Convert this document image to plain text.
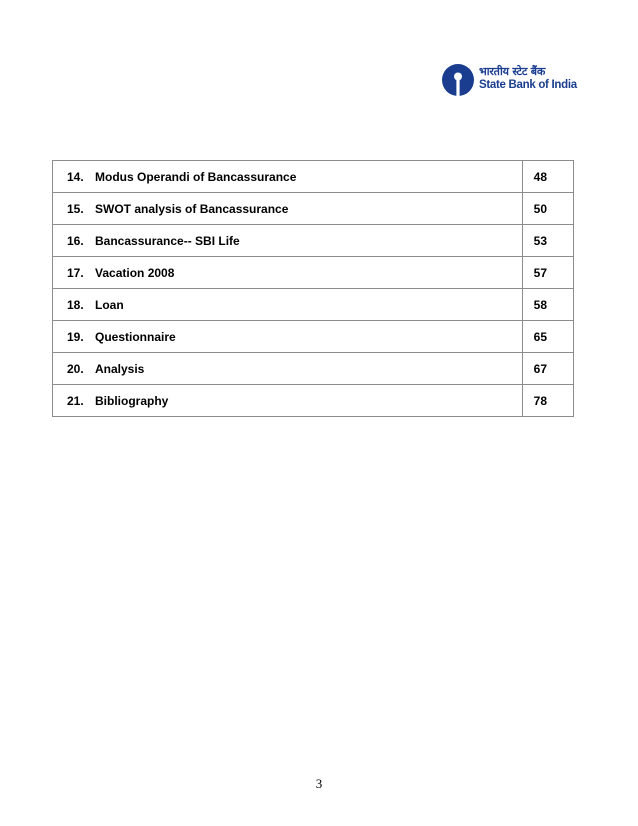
भारतीय स्टेट बैंक
State Bank of India
14. Modus Operandi of Bancassurance	48
15. SWOT analysis of Bancassurance	50
16. Bancassurance-- SBI Life	53
17. Vacation 2008	57
18. Loan	58
19. Questionnaire	65
20. Analysis	67
21. Bibliography	78
3
